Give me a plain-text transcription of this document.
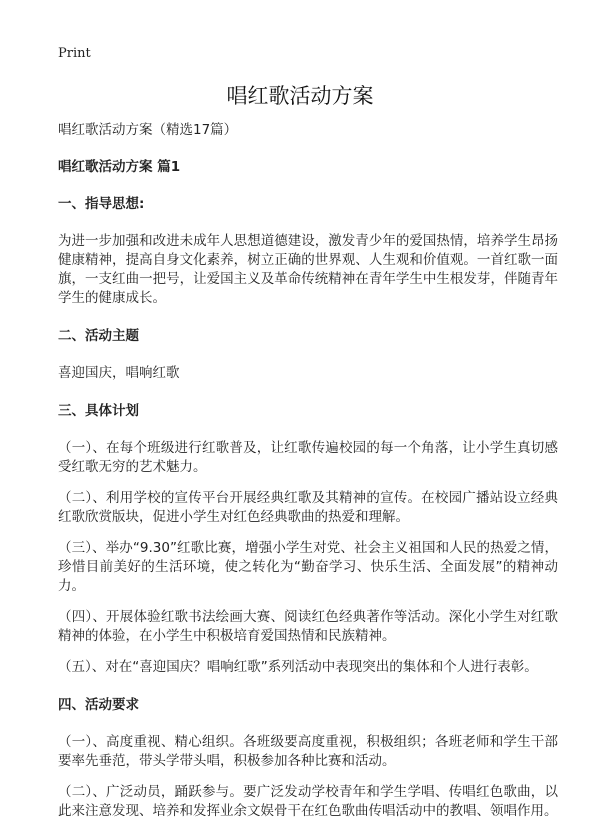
Print
唱红歌活动方案
唱红歌活动方案（精选17篇）
唱红歌活动方案 篇1
一、指导思想:

为进一步加强和改进未成年人思想道德建设，激发青少年的爱国热情，培养学生昂扬健康精神，提高自身文化素养，树立正确的世界观、人生观和价值观。一首红歌一面旗，一支红曲一把号，让爱国主义及革命传统精神在青年学生中生根发芽，伴随青年学生的健康成长。

二、活动主题

喜迎国庆，唱响红歌

三、具体计划

（一）、在每个班级进行红歌普及，让红歌传遍校园的每一个角落，让小学生真切感受红歌无穷的艺术魅力。

（二）、利用学校的宣传平台开展经典红歌及其精神的宣传。在校园广播站设立经典红歌欣赏版块，促进小学生对红色经典歌曲的热爱和理解。

（三）、举办“9.30”红歌比赛，增强小学生对党、社会主义祖国和人民的热爱之情，珍惜目前美好的生活环境，使之转化为“勤奋学习、快乐生活、全面发展”的精神动力。

（四）、开展体验红歌书法绘画大赛、阅读红色经典著作等活动。深化小学生对红歌精神的体验，在小学生中积极培育爱国热情和民族精神。

（五）、对在“喜迎国庆？唱响红歌”系列活动中表现突出的集体和个人进行表彰。

四、活动要求

（一）、高度重视、精心组织。各班级要高度重视，积极组织；各班老师和学生干部要率先垂范，带头学带头唱，积极参加各种比赛和活动。

（二）、广泛动员，踊跃参与。要广泛发动学校青年和学生学唱、传唱红色歌曲，以此来注意发现、培养和发挥业余文娱骨干在红色歌曲传唱活动中的教唱、领唱作用。
